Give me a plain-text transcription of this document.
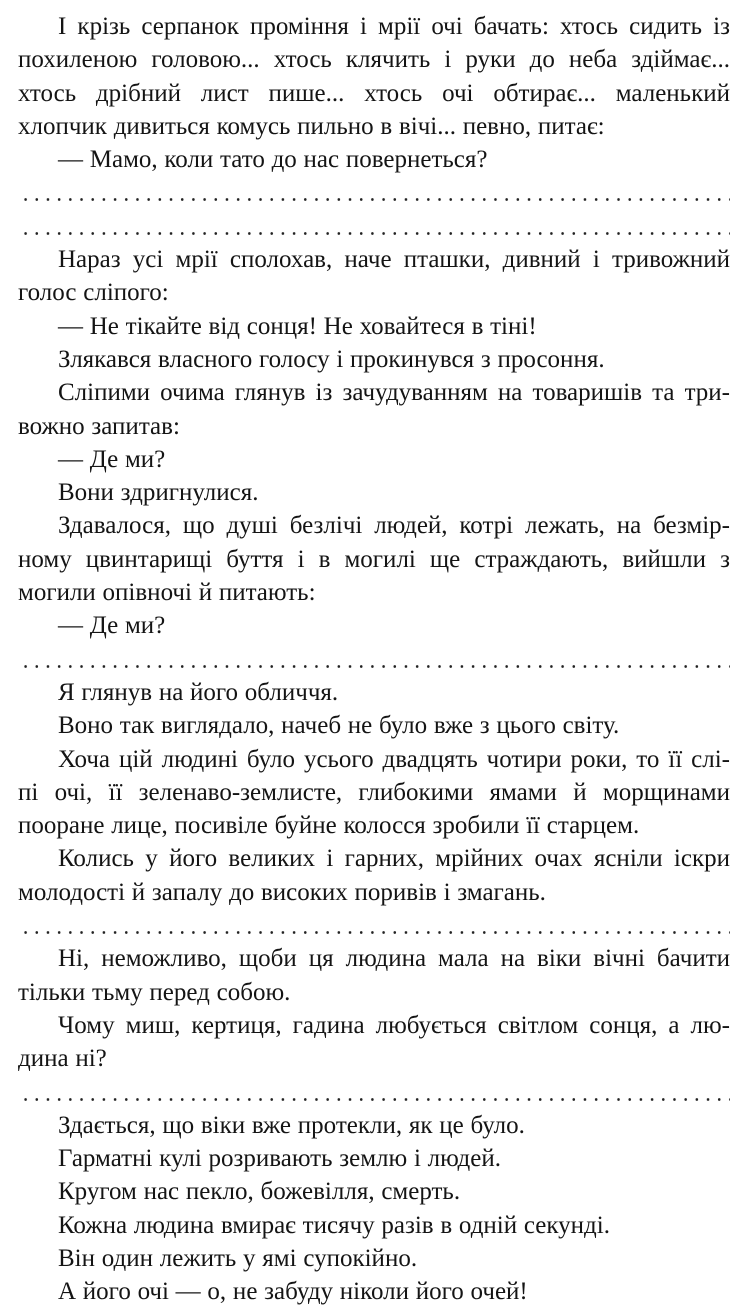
І крізь серпанок проміння і мрії очі бачать: хтось сидить із
похиленою головою... хтось клячить і руки до неба здіймає...
хтось дрібний лист пише... хтось очі обтирає... маленький
хлопчик дивиться комусь пильно в вічі... певно, питає:
— Мамо, коли тато до нас повернеться?
Нараз усі мрії сполохав, наче пташки, дивний і тривожний
голос сліпого:
— Не тікайте від сонця! Не ховайтеся в тіні!
Злякався власного голосу і прокинувся з просоння.
Сліпими очима глянув із зачудуванням на товаришів та три-
вожно запитав:
— Де ми?
Вони здригнулися.
Здавалося, що душі безлічі людей, котрі лежать, на безмір-
ному цвинтарищі буття і в могилі ще страждають, вийшли з
могили опівночі й питають:
— Де ми?
Я глянув на його обличчя.
Воно так виглядало, начеб не було вже з цього світу.
Хоча цій людині було усього двадцять чотири роки, то її слі-
пі очі, її зеленаво-землисте, глибокими ямами й морщинами
пооране лице, посивіле буйне колосся зробили її старцем.
Колись у його великих і гарних, мрійних очах ясніли іскри
молодості й запалу до високих поривів і змагань.
Ні, неможливо, щоби ця людина мала на віки вічні бачити
тільки тьму перед собою.
Чому миш, кертиця, гадина любується світлом сонця, а лю-
дина ні?
Здається, що віки вже протекли, як це було.
Гарматні кулі розривають землю і людей.
Кругом нас пекло, божевілля, смерть.
Кожна людина вмирає тисячу разів в одній секунді.
Він один лежить у ямі супокійно.
А його очі — о, не забуду ніколи його очей!
